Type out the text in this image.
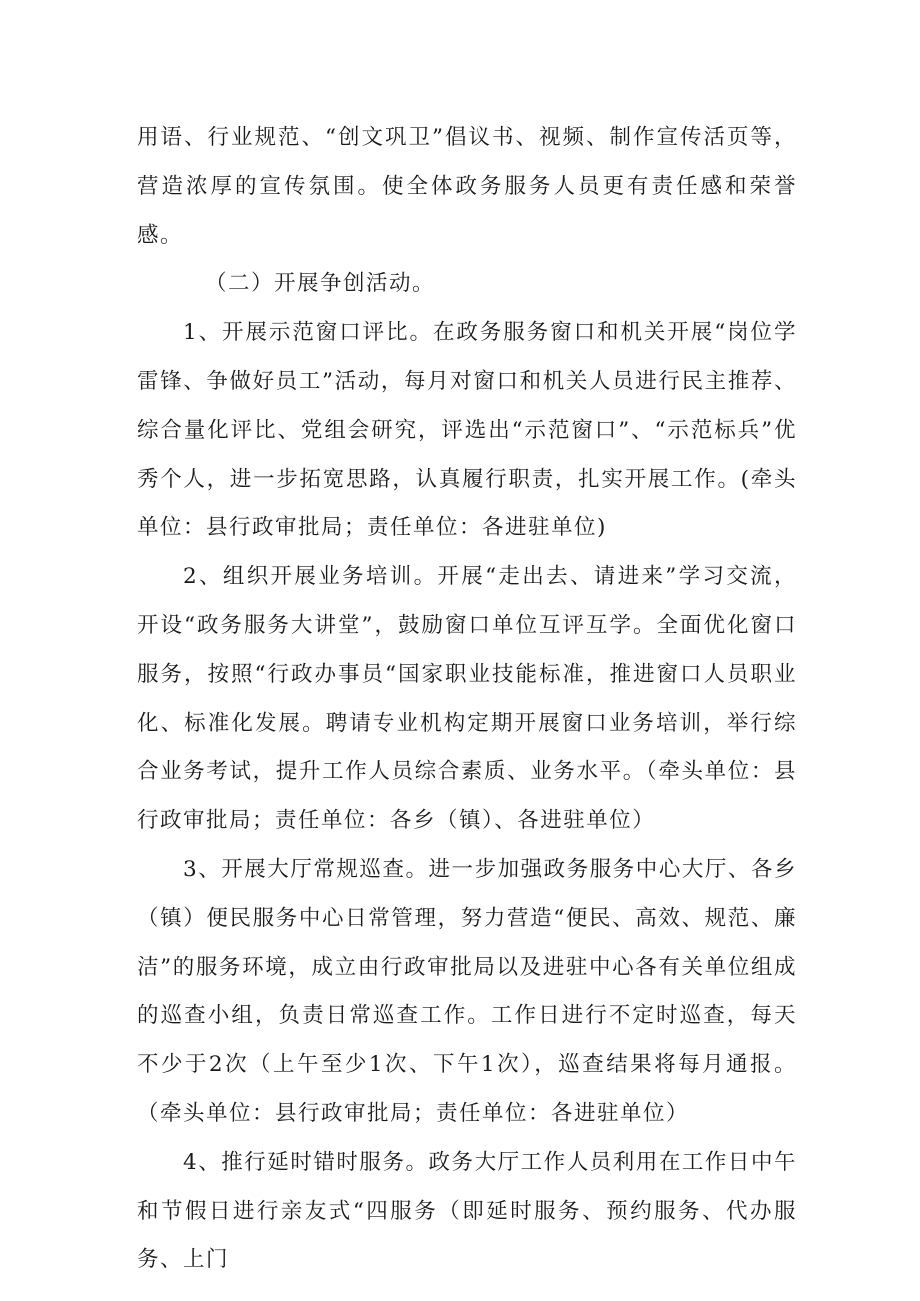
用语、行业规范、“创文巩卫”倡议书、视频、制作宣传活页等，营造浓厚的宣传氛围。使全体政务服务人员更有责任感和荣誉感。

（二）开展争创活动。

1、开展示范窗口评比。在政务服务窗口和机关开展“岗位学雷锋、争做好员工”活动，每月对窗口和机关人员进行民主推荐、综合量化评比、党组会研究，评选出“示范窗口”、“示范标兵”优秀个人，进一步拓宽思路，认真履行职责，扎实开展工作。(牵头单位：县行政审批局；责任单位：各进驻单位)

2、组织开展业务培训。开展“走出去、请进来”学习交流，开设“政务服务大讲堂”，鼓励窗口单位互评互学。全面优化窗口服务，按照“行政办事员“国家职业技能标准，推进窗口人员职业化、标准化发展。聘请专业机构定期开展窗口业务培训，举行综合业务考试，提升工作人员综合素质、业务水平。（牵头单位：县行政审批局；责任单位：各乡（镇）、各进驻单位）

3、开展大厅常规巡查。进一步加强政务服务中心大厅、各乡（镇）便民服务中心日常管理，努力营造“便民、高效、规范、廉洁”的服务环境，成立由行政审批局以及进驻中心各有关单位组成的巡查小组，负责日常巡查工作。工作日进行不定时巡查，每天不少于2次（上午至少1次、下午1次），巡查结果将每月通报。（牵头单位：县行政审批局；责任单位：各进驻单位）

4、推行延时错时服务。政务大厅工作人员利用在工作日中午和节假日进行亲友式“四服务（即延时服务、预约服务、代办服务、上门
